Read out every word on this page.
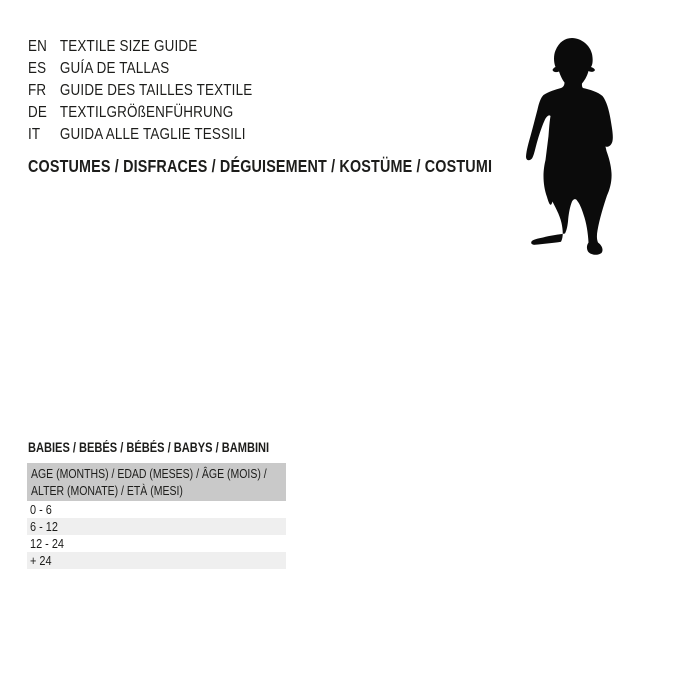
EN TEXTILE SIZE GUIDE
ES GUÍA DE TALLAS
FR GUIDE DES TAILLES TEXTILE
DE TEXTILGRÖßENFÜHRUNG
IT	GUIDA ALLE TAGLIE TESSILI
COSTUMES / DISFRACES / DÉGUISEMENT / KOSTÜME / COSTUMI
BABIES / BEBÉS / BÉBÉS / BABYS / BAMBINI
AGE (MONTHS) / EDAD (MESES) / ÂGE (MOIS) /
ALTER (MONATE) / ETÀ (MESI)
0 - 6
6 - 12
12 - 24
+ 24
